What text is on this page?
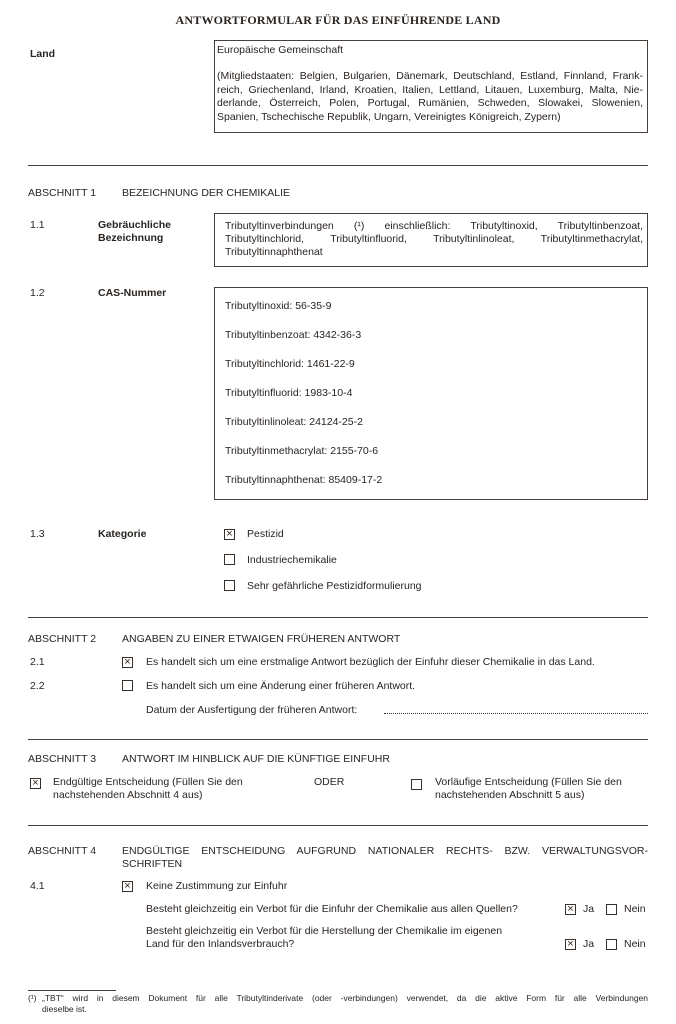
ANTWORTFORMULAR FÜR DAS EINFÜHRENDE LAND
Land	Europäische Gemeinschaft
(Mitgliedstaaten: Belgien, Bulgarien, Dänemark, Deutschland, Estland, Finnland, Frank-
reich, Griechenland, Irland, Kroatien, Italien, Lettland, Litauen, Luxemburg, Malta, Nie-
derlande, Österreich, Polen, Portugal, Rumänien, Schweden, Slowakei, Slowenien,
Spanien, Tschechische Republik, Ungarn, Vereinigtes Königreich, Zypern)
ABSCHNITT 1 BEZEICHNUNG DER CHEMIKALIE
1.1	Gebräuchliche
Bezeichnung
Tributyltinverbindungen (¹) einschließlich: Tributyltinoxid, Tributyltinbenzoat,
Tributyltinchlorid, Tributyltinfluorid, Tributyltinlinoleat, Tributyltinmethacrylat,
Tributyltinnaphthenat
1.2	CAS-Nummer
Tributyltinoxid: 56-35-9
Tributyltinbenzoat: 4342-36-3
Tributyltinchlorid: 1461-22-9
Tributyltinfluorid: 1983-10-4
Tributyltinlinoleat: 24124-25-2
Tributyltinmethacrylat: 2155-70-6
Tributyltinnaphthenat: 85409-17-2
1.3	Kategorie ×	Pestizid
Industriechemikalie
Sehr gefährliche Pestizidformulierung
ABSCHNITT 2 ANGABEN ZU EINER ETWAIGEN FRÜHEREN ANTWORT
2.1 ×	Es handelt sich um eine erstmalige Antwort bezüglich der Einfuhr dieser Chemikalie in das Land.
2.2	Es handelt sich um eine Änderung einer früheren Antwort.
Datum der Ausfertigung der früheren Antwort:
ABSCHNITT 3 ANTWORT IM HINBLICK AUF DIE KÜNFTIGE EINFUHR
×
Endgültige Entscheidung (Füllen Sie den
nachstehenden Abschnitt 4 aus)
ODER	Vorläufige Entscheidung (Füllen Sie den
nachstehenden Abschnitt 5 aus)
ABSCHNITT 4 ENDGÜLTIGE ENTSCHEIDUNG AUFGRUND NATIONALER RECHTS- BZW. VERWALTUNGSVOR-
SCHRIFTEN
4.1 ×	Keine Zustimmung zur Einfuhr
Besteht gleichzeitig ein Verbot für die Einfuhr der Chemikalie aus allen Quellen? ×	Ja	Nein
Besteht gleichzeitig ein Verbot für die Herstellung der Chemikalie im eigenen
Land für den Inlandsverbrauch? ×	Ja	Nein
(¹) „TBT“ wird in diesem Dokument für alle Tributyltinderivate (oder -verbindungen) verwendet, da die aktive Form für alle Verbindungen
dieselbe ist.
